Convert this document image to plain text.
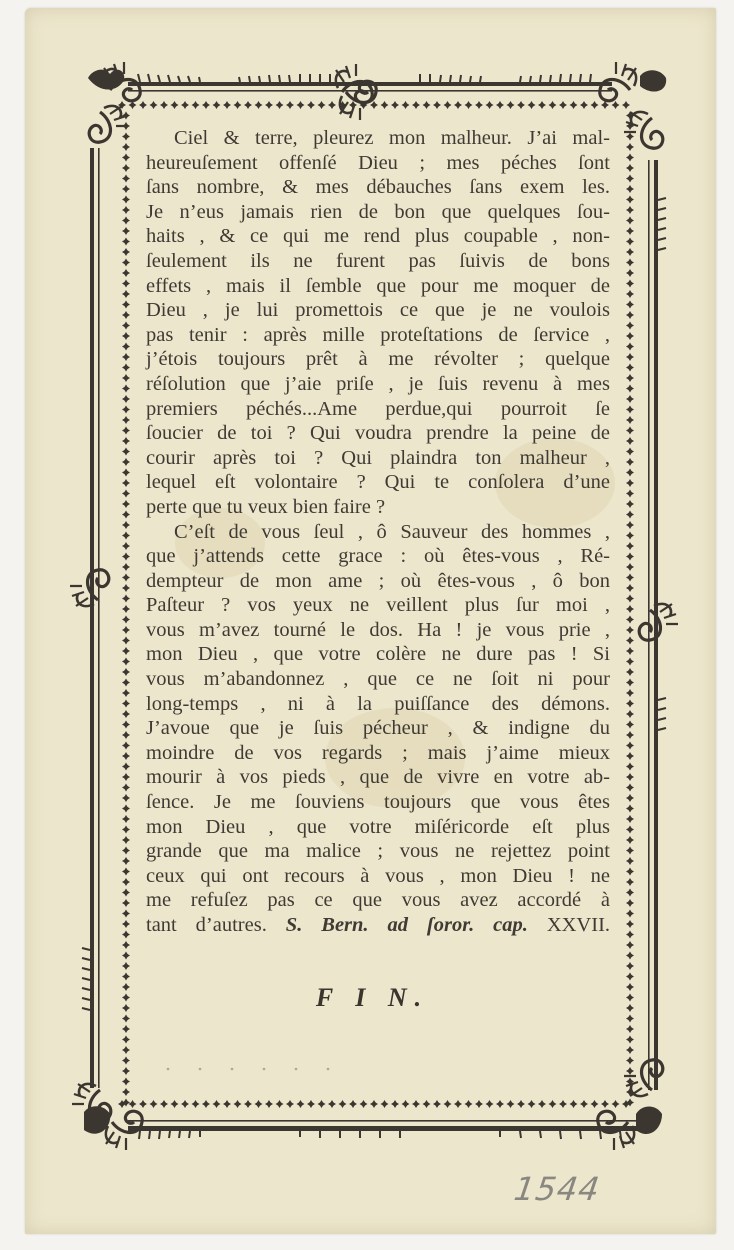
Ciel & terre, pleurez mon malheur. J’ai mal-
heureuſement offenſé Dieu ; mes péches ſont
ſans nombre, & mes débauches ſans exem les.
Je n’eus jamais rien de bon que quelques ſou-
haits , & ce qui me rend plus coupable , non-
ſeulement ils ne furent pas ſuivis de bons
effets , mais il ſemble que pour me moquer de
Dieu , je lui promettois ce que je ne voulois
pas tenir : après mille proteſtations de ſervice ,
j’étois toujours prêt à me révolter ; quelque
réſolution que j’aie priſe , je ſuis revenu à mes
premiers péchés...Ame perdue,qui pourroit ſe
ſoucier de toi ? Qui voudra prendre la peine de
courir après toi ? Qui plaindra ton malheur ,
lequel eſt volontaire ? Qui te conſolera d’une
perte que tu veux bien faire ?
C’eſt de vous ſeul , ô Sauveur des hommes ,
que j’attends cette grace : où êtes-vous , Ré-
dempteur de mon ame ; où êtes-vous , ô bon
Paſteur ? vos yeux ne veillent plus ſur moi ,
vous m’avez tourné le dos. Ha ! je vous prie ,
mon Dieu , que votre colère ne dure pas ! Si
vous m’abandonnez , que ce ne ſoit ni pour
long-temps , ni à la puiſſance des démons.
J’avoue que je ſuis pécheur , & indigne du
moindre de vos regards ; mais j’aime mieux
mourir à vos pieds , que de vivre en votre ab-
ſence. Je me ſouviens toujours que vous êtes
mon Dieu , que votre miſéricorde eſt plus
grande que ma malice ; vous ne rejettez point
ceux qui ont recours à vous , mon Dieu ! ne
me refuſez pas ce que vous avez accordé à
tant d’autres. S. Bern. ad ſoror. cap. XXVII.
F I N.
1544
